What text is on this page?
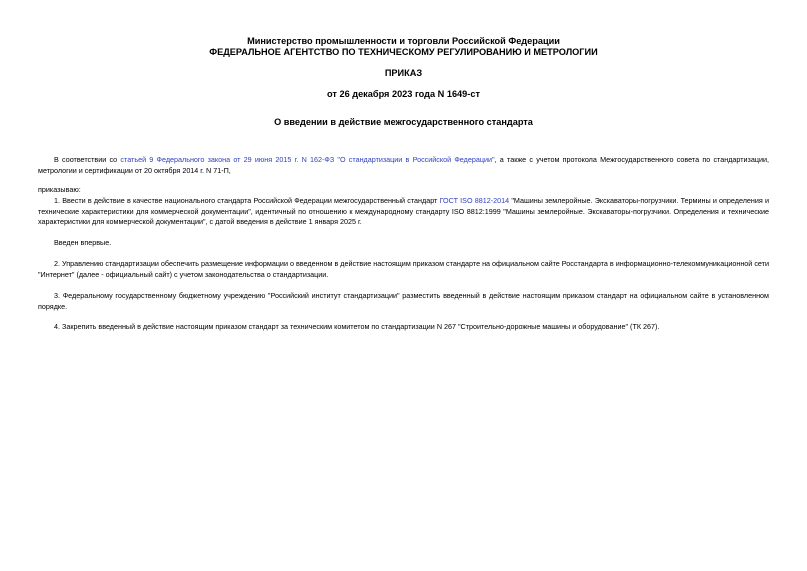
Министерство промышленности и торговли Российской Федерации
ФЕДЕРАЛЬНОЕ АГЕНТСТВО ПО ТЕХНИЧЕСКОМУ РЕГУЛИРОВАНИЮ И МЕТРОЛОГИИ
ПРИКАЗ
от 26 декабря 2023 года N 1649-ст
О введении в действие межгосударственного стандарта
В соответствии со статьей 9 Федерального закона от 29 июня 2015 г. N 162-ФЗ "О стандартизации в Российской Федерации", а также с учетом протокола Межгосударственного совета по стандартизации, метрологии и сертификации от 20 октября 2014 г. N 71-П,
приказываю:
1. Ввести в действие в качестве национального стандарта Российской Федерации межгосударственный стандарт ГОСТ ISO 8812-2014 "Машины землеройные. Экскаваторы-погрузчики. Термины и определения и технические характеристики для коммерческой документации", идентичный по отношению к международному стандарту ISO 8812:1999 "Машины землеройные. Экскаваторы-погрузчики. Определения и технические характеристики для коммерческой документации", с датой введения в действие 1 января 2025 г.
Введен впервые.
2. Управлению стандартизации обеспечить размещение информации о введенном в действие настоящим приказом стандарте на официальном сайте Росстандарта в информационно-телекоммуникационной сети "Интернет" (далее - официальный сайт) с учетом законодательства о стандартизации.
3. Федеральному государственному бюджетному учреждению "Российский институт стандартизации" разместить введенный в действие настоящим приказом стандарт на официальном сайте в установленном порядке.
4. Закрепить введенный в действие настоящим приказом стандарт за техническим комитетом по стандартизации N 267 "Строительно-дорожные машины и оборудование" (ТК 267).
